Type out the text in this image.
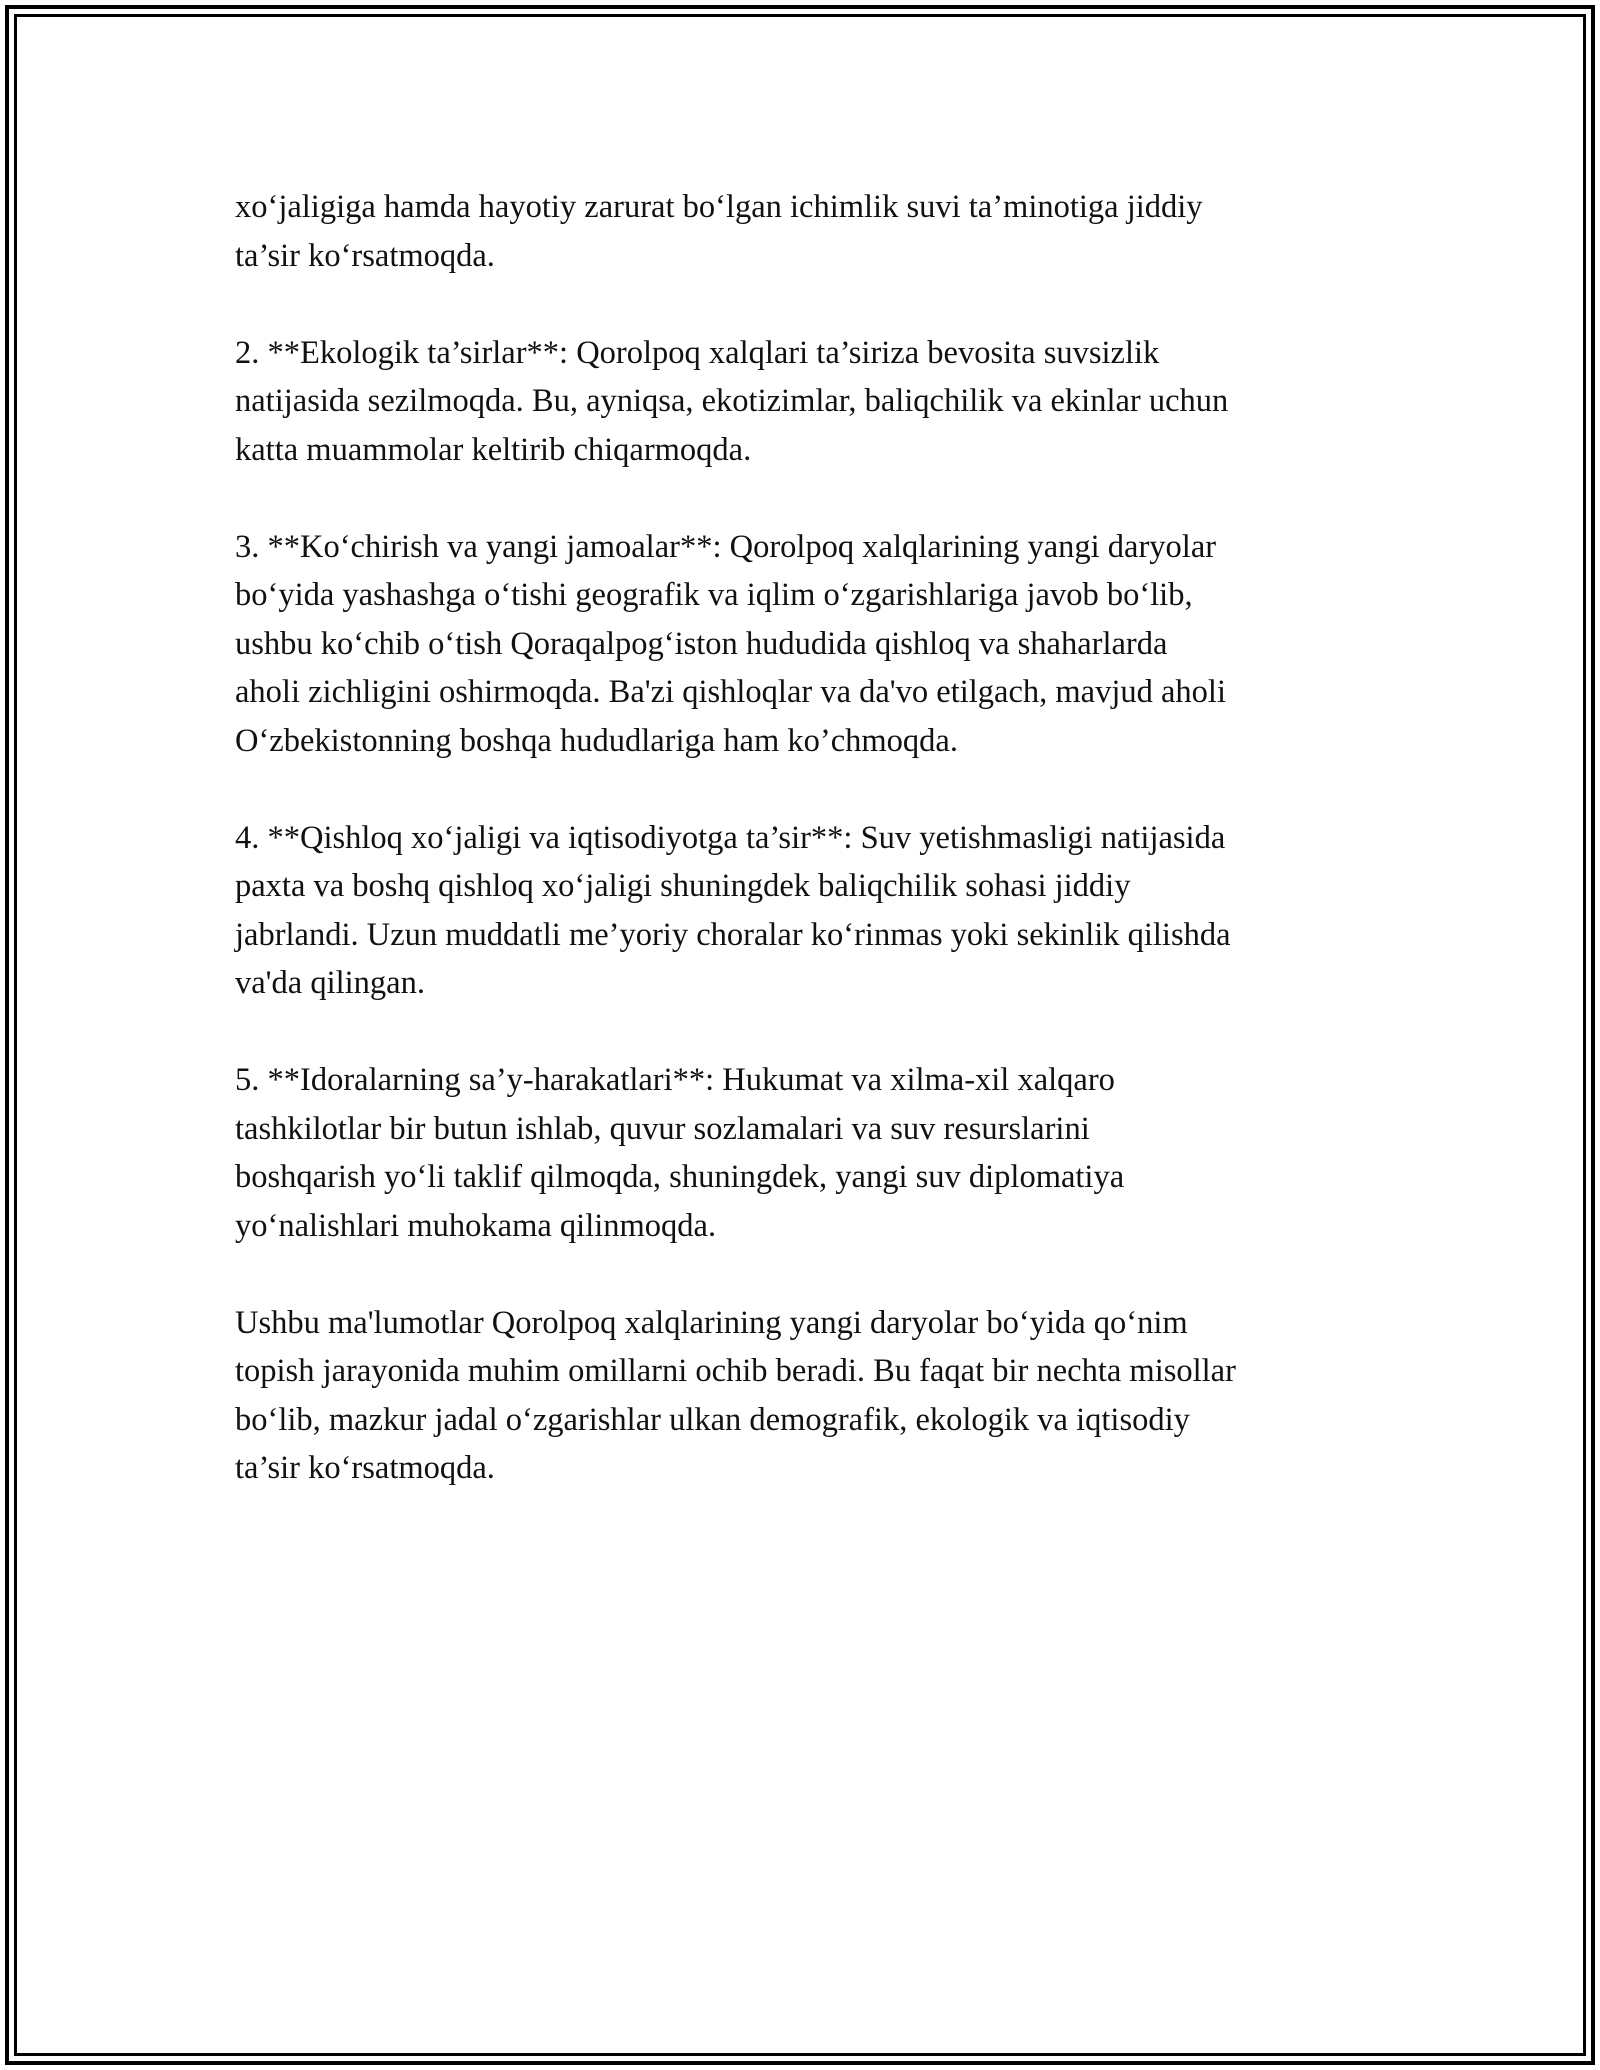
xo‘jaligiga hamda hayotiy zarurat bo‘lgan ichimlik suvi ta’minotiga jiddiy
ta’sir ko‘rsatmoqda.

2. **Ekologik ta’sirlar**: Qorolpoq xalqlari ta’siriza bevosita suvsizlik
natijasida sezilmoqda. Bu, ayniqsa, ekotizimlar, baliqchilik va ekinlar uchun
katta muammolar keltirib chiqarmoqda.

3. **Ko‘chirish va yangi jamoalar**: Qorolpoq xalqlarining yangi daryolar
bo‘yida yashashga o‘tishi geografik va iqlim o‘zgarishlariga javob bo‘lib,
ushbu ko‘chib o‘tish Qoraqalpog‘iston hududida qishloq va shaharlarda
aholi zichligini oshirmoqda. Ba'zi qishloqlar va da'vo etilgach, mavjud aholi
O‘zbekistonning boshqa hududlariga ham ko’chmoqda.

4. **Qishloq xo‘jaligi va iqtisodiyotga ta’sir**: Suv yetishmasligi natijasida
paxta va boshq qishloq xo‘jaligi shuningdek baliqchilik sohasi jiddiy
jabrlandi. Uzun muddatli me’yoriy choralar ko‘rinmas yoki sekinlik qilishda
va'da qilingan.

5. **Idoralarning sa’y-harakatlari**: Hukumat va xilma-xil xalqaro
tashkilotlar bir butun ishlab, quvur sozlamalari va suv resurslarini
boshqarish yo‘li taklif qilmoqda, shuningdek, yangi suv diplomatiya
yo‘nalishlari muhokama qilinmoqda.

Ushbu ma'lumotlar Qorolpoq xalqlarining yangi daryolar bo‘yida qo‘nim
topish jarayonida muhim omillarni ochib beradi. Bu faqat bir nechta misollar
bo‘lib, mazkur jadal o‘zgarishlar ulkan demografik, ekologik va iqtisodiy
ta’sir ko‘rsatmoqda.
